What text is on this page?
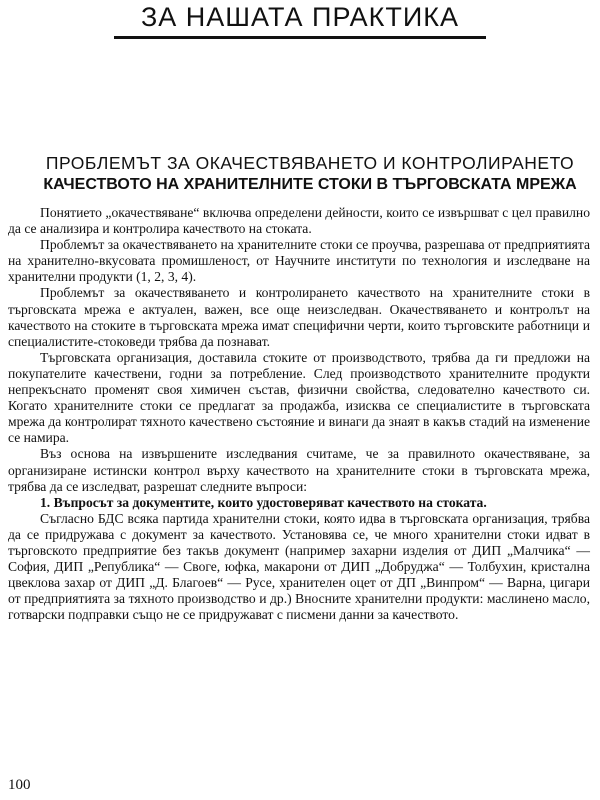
ЗА НАШАТА ПРАКТИКА
ПРОБЛЕМЪТ ЗА ОКАЧЕСТВЯВАНЕТО И КОНТРОЛИРАНЕТО
КАЧЕСТВОТО НА ХРАНИТЕЛНИТЕ СТОКИ В ТЪРГОВСКАТА МРЕЖА

Понятието „окачествяване“ включва определени дейности, които се извършват с цел правилно да се анализира и контролира качеството на стоката.

Проблемът за окачествяването на хранителните стоки се проучва, разрешава от предприятията на хранително-вкусовата промишленост, от Научните институти по технология и изследване на хранителни продукти (1, 2, 3, 4).

Проблемът за окачествяването и контролирането качеството на хранителните стоки в търговската мрежа е актуален, важен, все още неизследван. Окачествяването и контролът на качеството на стоките в търговската мрежа имат специфични черти, които търговските работници и специалистите-стоковеди трябва да познават.

Търговската организация, доставила стоките от производството, трябва да ги предложи на покупателите качествени, годни за потребление. След производството хранителните продукти непрекъснато променят своя химичен състав, физични свойства, следователно качеството си. Когато хранителните стоки се предлагат за продажба, изисква се специалистите в търговската мрежа да контролират тяхното качествено състояние и винаги да знаят в какъв стадий на изменение се намира.

Въз основа на извършените изследвания считаме, че за правилното окачествяване, за организиране истински контрол върху качеството на хранителните стоки в търговската мрежа, трябва да се изследват, разрешат следните въпроси:

1. Въпросът за документите, които удостоверяват качеството на стоката.

Съгласно БДС всяка партида хранителни стоки, която идва в търговската организация, трябва да се придружава с документ за качеството. Установява се, че много хранителни стоки идват в търговското предприятие без такъв документ (например захарни изделия от ДИП „Малчика“ — София, ДИП „Република“ — Своге, юфка, макарони от ДИП „Добруджа“ — Толбухин, кристална цвеклова захар от ДИП „Д. Благоев“ — Русе, хранителен оцет от ДП „Винпром“ — Варна, цигари от предприятията за тяхното производство и др.) Вносните хранителни продукти: маслинено масло, готварски подправки също не се придружават с писмени данни за качеството.

100
